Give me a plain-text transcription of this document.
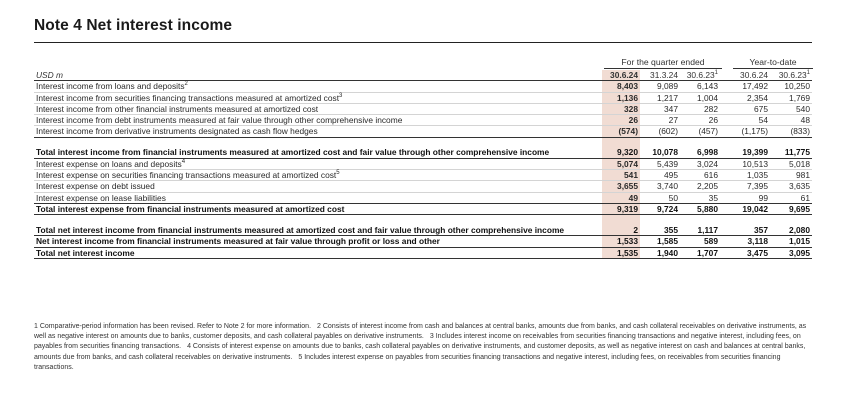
Note 4 Net interest income
For the quarter ended	Year-to-date
USD m	30.6.24	31.3.24	30.6.23$^1$	30.6.24	30.6.23$^1$
Interest income from loans and deposits$^2$	8,403	9,089	6,143	17,492	10,250
Interest income from securities financing transactions measured at amortized cost$^3$	1,136	1,217	1,004	2,354	1,769
Interest income from other financial instruments measured at amortized cost	328	347	282	675	540
Interest income from debt instruments measured at fair value through other comprehensive income	26	27	26	54	48
Interest income from derivative instruments designated as cash flow hedges	(574)	(602)	(457)	(1,175)	(833)
Total interest income from financial instruments measured at amortized cost and fair value through other comprehensive income	9,320	10,078	6,998	19,399	11,775
Interest expense on loans and deposits$^4$	5,074	5,439	3,024	10,513	5,018
Interest expense on securities financing transactions measured at amortized cost$^5$	541	495	616	1,035	981
Interest expense on debt issued	3,655	3,740	2,205	7,395	3,635
Interest expense on lease liabilities	49	50	35	99	61
Total interest expense from financial instruments measured at amortized cost	9,319	9,724	5,880	19,042	9,695
Total net interest income from financial instruments measured at amortized cost and fair value through other comprehensive income	2	355	1,117	357	2,080
Net interest income from financial instruments measured at fair value through profit or loss and other	1,533	1,585	589	3,118	1,015
Total net interest income	1,535	1,940	1,707	3,475	3,095
1 Comparative-period information has been revised. Refer to Note 2 for more information. 2 Consists of interest income from cash and balances at central banks, amounts due from banks, and cash collateral receivables on derivative instruments, as well as negative interest on amounts due to banks, customer deposits, and cash collateral payables on derivative instruments. 3 Includes interest income on receivables from securities financing transactions and negative interest, including fees, on payables from securities financing transactions. 4 Consists of interest expense on amounts due to banks, cash collateral payables on derivative instruments, and customer deposits, as well as negative interest on cash and balances at central banks, amounts due from banks, and cash collateral receivables on derivative instruments. 5 Includes interest expense on payables from securities financing transactions and negative interest, including fees, on receivables from securities financing transactions.
